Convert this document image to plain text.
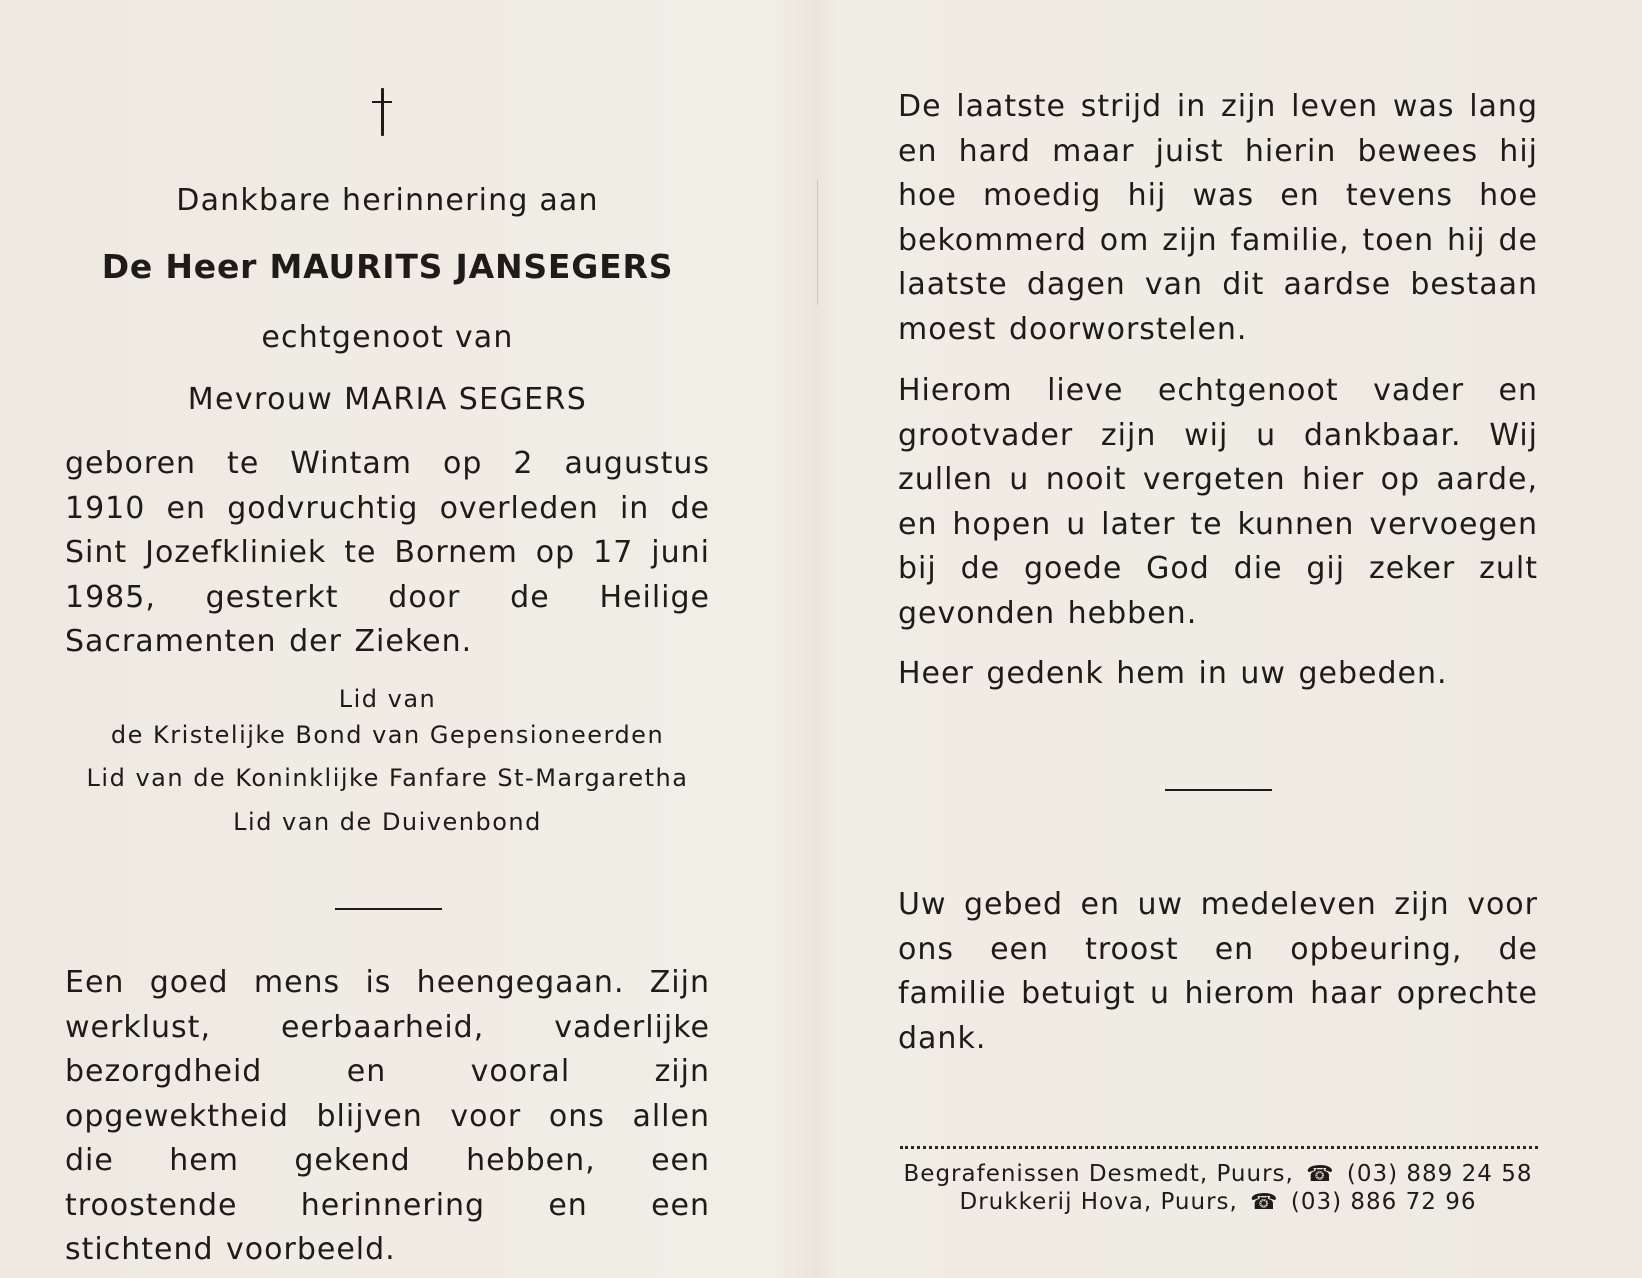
Dankbare herinnering aan
De Heer MAURITS JANSEGERS
echtgenoot van
Mevrouw MARIA SEGERS
geboren te Wintam op 2 augustus 1910 en godvruchtig overleden in de Sint Jozefkliniek te Bornem op 17 juni 1985, gesterkt door de Heilige Sacramenten der Zieken.
Lid van
de Kristelijke Bond van Gepensioneerden
Lid van de Koninklijke Fanfare St-Margaretha
Lid van de Duivenbond
Een goed mens is heengegaan. Zijn werklust, eerbaarheid, vaderlijke bezorgdheid en vooral zijn opgewektheid blijven voor ons allen die hem gekend hebben, een troostende herinnering en een stichtend voorbeeld.
De laatste strijd in zijn leven was lang en hard maar juist hierin bewees hij hoe moedig hij was en tevens hoe bekommerd om zijn familie, toen hij de laatste dagen van dit aardse bestaan moest doorworstelen.
Hierom lieve echtgenoot vader en grootvader zijn wij u dankbaar. Wij zullen u nooit vergeten hier op aarde, en hopen u later te kunnen vervoegen bij de goede God die gij zeker zult gevonden hebben.
Heer gedenk hem in uw gebeden.
Uw gebed en uw medeleven zijn voor ons een troost en opbeuring, de familie betuigt u hierom haar oprechte dank.
Begrafenissen Desmedt, Puurs, ☎ (03) 889 24 58
Drukkerij Hova, Puurs, ☎ (03) 886 72 96
